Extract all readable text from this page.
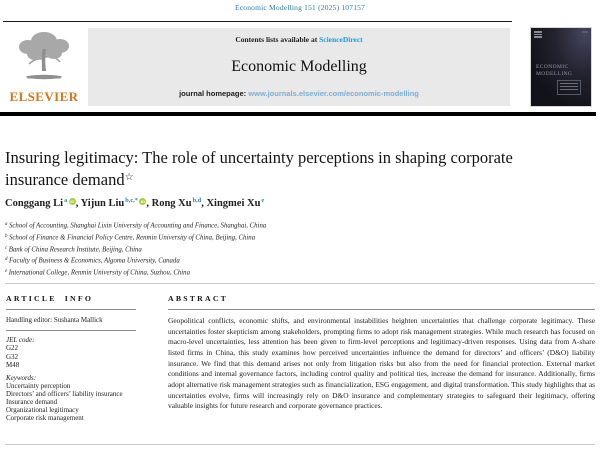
Economic Modelling 151 (2025) 107157
ELSEVIER
Contents lists available at ScienceDirect
Economic Modelling
journal homepage: www.journals.elsevier.com/economic-modelling
ECONOMIC
MODELLING
Insuring legitimacy: The role of uncertainty perceptions in shaping corporate insurance demand☆
Conggang Li$^a$ iD , Yijun Liu$^{b,c,*}$ iD , Rong Xu$^{b,d}$, Xingmei Xu$^e$
$^a$ School of Accounting, Shanghai Lixin University of Accounting and Finance, Shanghai, China
$^b$ School of Finance & Financial Policy Centre, Renmin University of China, Beijing, China
$^c$ Bank of China Research Institute, Beijing, China
$^d$ Faculty of Business & Economics, Algoma University, Canada
$^e$ International College, Renmin University of China, Suzhou, China
ARTICLE INFO
Handling editor: Sushanta Mallick
JEL code:
G22
G32
M48
Keywords:
Uncertainty perception
Directors’ and officers’ liability insurance
Insurance demand
Organizational legitimacy
Corporate risk management
ABSTRACT
Geopolitical conflicts, economic shifts, and environmental instabilities heighten uncertainties that challenge corporate legitimacy. These uncertainties foster skepticism among stakeholders, prompting firms to adopt risk management strategies. While much research has focused on macro-level uncertainties, less attention has been given to firm-level perceptions and legitimacy-driven responses. Using data from A-share listed firms in China, this study examines how perceived uncertainties influence the demand for directors’ and officers’ (D&O) liability insurance. We find that this demand arises not only from litigation risks but also from the need for financial protection. External market conditions and internal governance factors, including control quality and political ties, increase the demand for insurance. Additionally, firms adopt alternative risk management strategies such as financialization, ESG engagement, and digital transformation. This study highlights that as uncertainties evolve, firms will increasingly rely on D&O insurance and complementary strategies to safeguard their legitimacy, offering valuable insights for future research and corporate governance practices.
